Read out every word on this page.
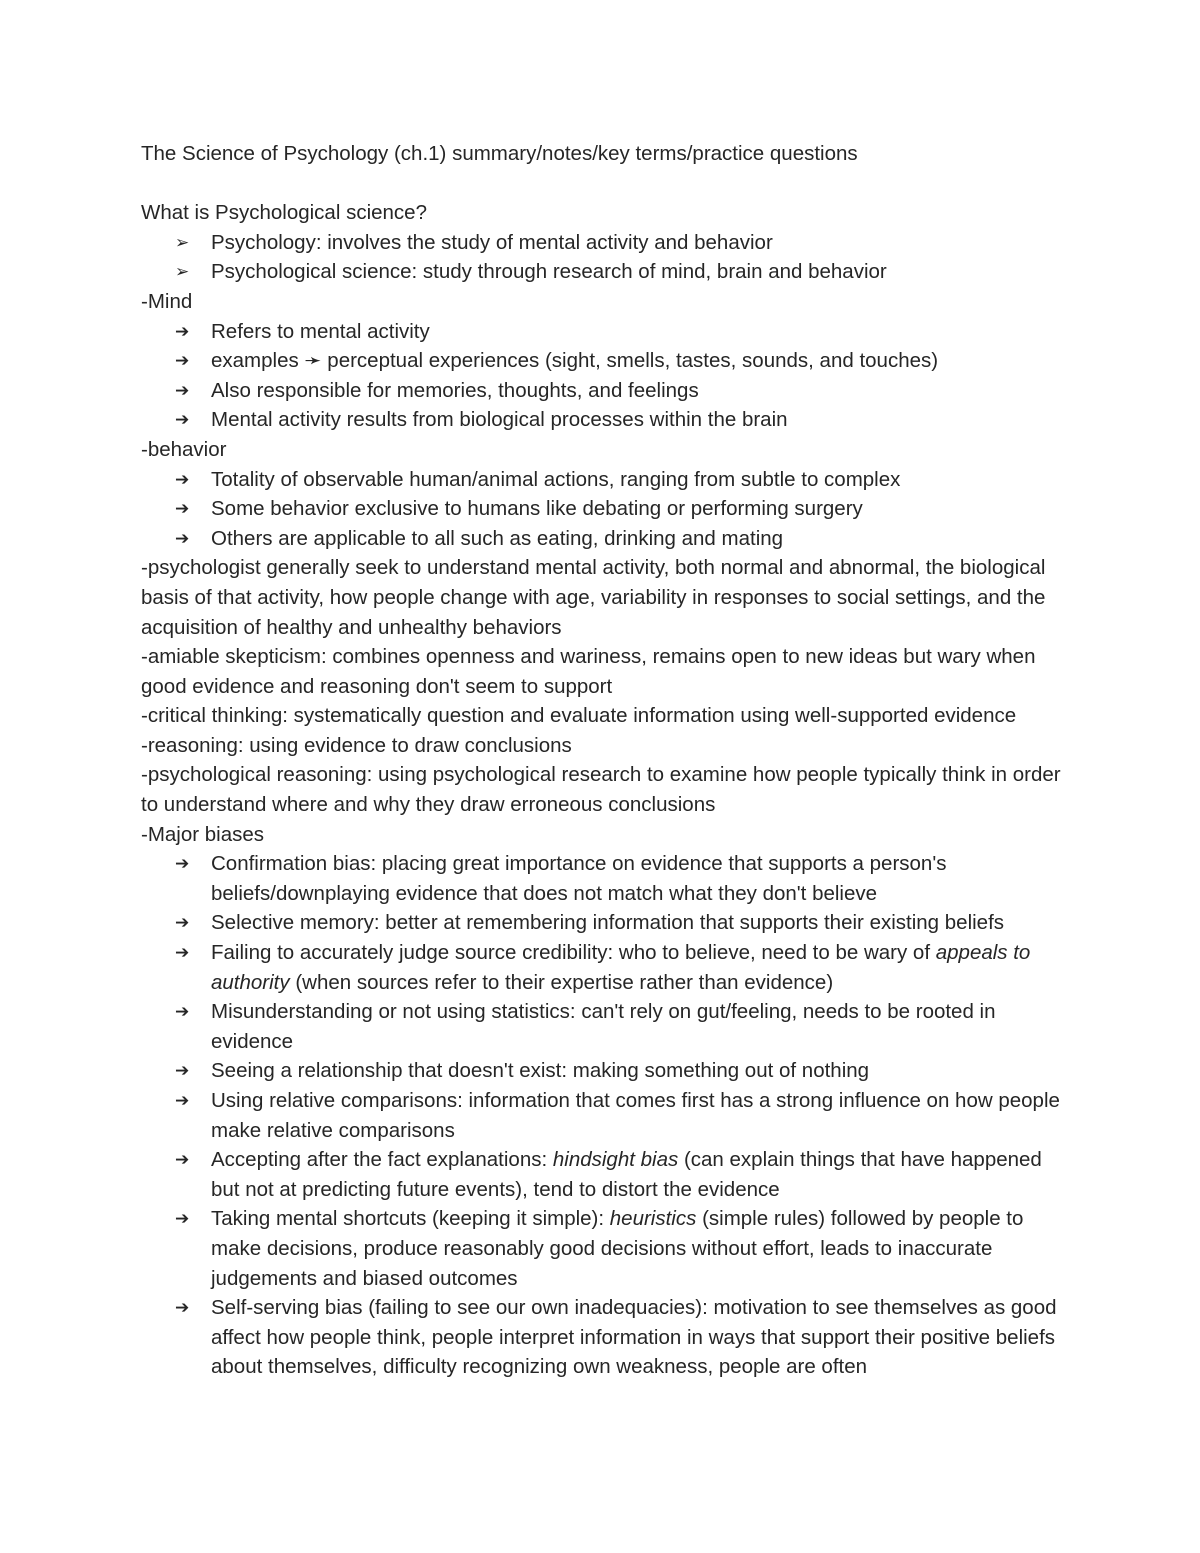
The Science of Psychology (ch.1) summary/notes/key terms/practice questions

What is Psychological science?

➢	Psychology: involves the study of mental activity and behavior
➢	Psychological science: study through research of mind, brain and behavior

-Mind

➔	Refers to mental activity
➔	examples ➛ perceptual experiences (sight, smells, tastes, sounds, and touches)
➔	Also responsible for memories, thoughts, and feelings
➔	Mental activity results from biological processes within the brain

-behavior

➔	Totality of observable human/animal actions, ranging from subtle to complex
➔	Some behavior exclusive to humans like debating or performing surgery
➔	Others are applicable to all such as eating, drinking and mating

-psychologist generally seek to understand mental activity, both normal and abnormal, the biological basis of that activity, how people change with age, variability in responses to social settings, and the acquisition of healthy and unhealthy behaviors

-amiable skepticism: combines openness and wariness, remains open to new ideas but wary when good evidence and reasoning don't seem to support

-critical thinking: systematically question and evaluate information using well-supported evidence

-reasoning: using evidence to draw conclusions

-psychological reasoning: using psychological research to examine how people typically think in order to understand where and why they draw erroneous conclusions

-Major biases

➔	Confirmation bias: placing great importance on evidence that supports a person's beliefs/downplaying evidence that does not match what they don't believe
➔	Selective memory: better at remembering information that supports their existing beliefs
➔	Failing to accurately judge source credibility: who to believe, need to be wary of appeals to authority (when sources refer to their expertise rather than evidence)
➔	Misunderstanding or not using statistics: can't rely on gut/feeling, needs to be rooted in evidence
➔	Seeing a relationship that doesn't exist: making something out of nothing
➔	Using relative comparisons: information that comes first has a strong influence on how people make relative comparisons
➔	Accepting after the fact explanations: hindsight bias (can explain things that have happened but not at predicting future events), tend to distort the evidence
➔	Taking mental shortcuts (keeping it simple): heuristics (simple rules) followed by people to make decisions, produce reasonably good decisions without effort, leads to inaccurate judgements and biased outcomes
➔	Self-serving bias (failing to see our own inadequacies): motivation to see themselves as good affect how people think, people interpret information in ways that support their positive beliefs about themselves, difficulty recognizing own weakness, people are often
